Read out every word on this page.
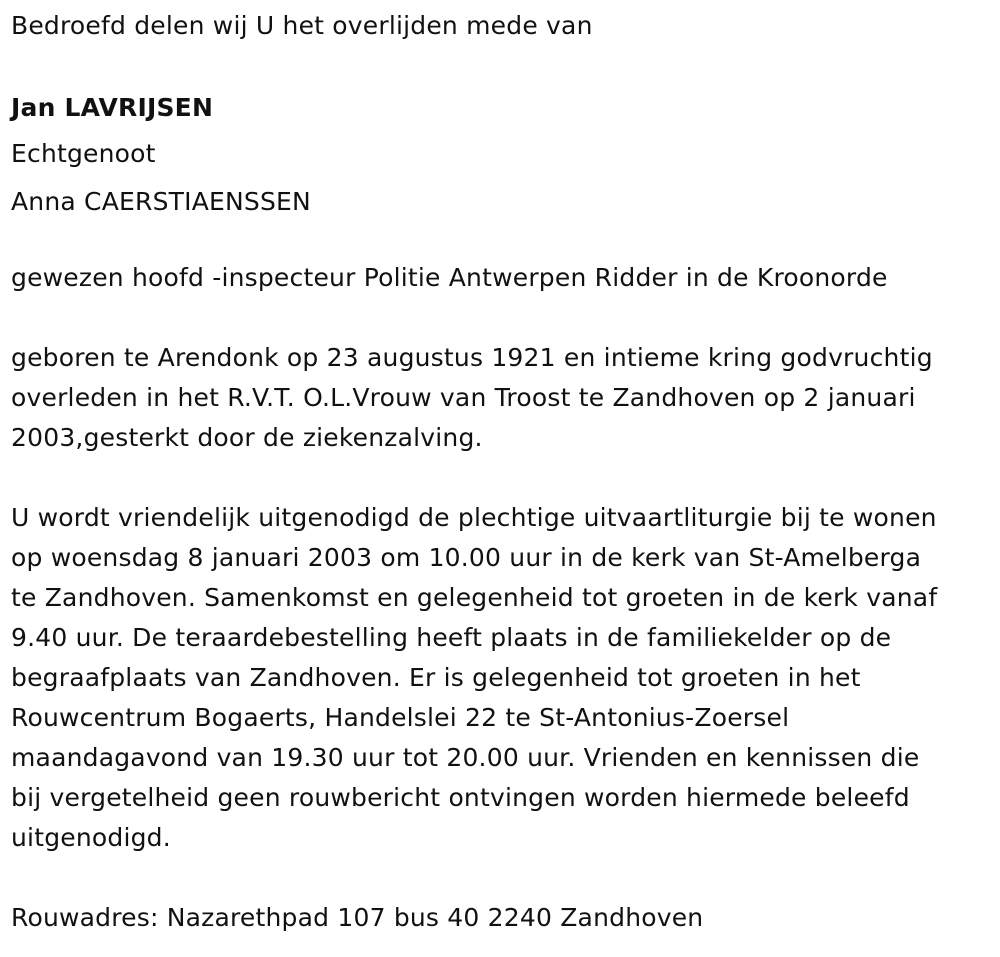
Bedroefd delen wij U het overlijden mede van
Jan LAVRIJSEN
Echtgenoot
Anna CAERSTIAENSSEN
gewezen hoofd -inspecteur Politie Antwerpen Ridder in de Kroonorde
geboren te Arendonk op 23 augustus 1921 en intieme kring godvruchtig
overleden in het R.V.T. O.L.Vrouw van Troost te Zandhoven op 2 januari
2003,gesterkt door de ziekenzalving.
U wordt vriendelijk uitgenodigd de plechtige uitvaartliturgie bij te wonen
op woensdag 8 januari 2003 om 10.00 uur in de kerk van St-Amelberga
te Zandhoven. Samenkomst en gelegenheid tot groeten in de kerk vanaf
9.40 uur. De teraardebestelling heeft plaats in de familiekelder op de
begraafplaats van Zandhoven. Er is gelegenheid tot groeten in het
Rouwcentrum Bogaerts, Handelslei 22 te St-Antonius-Zoersel
maandagavond van 19.30 uur tot 20.00 uur. Vrienden en kennissen die
bij vergetelheid geen rouwbericht ontvingen worden hiermede beleefd
uitgenodigd.
Rouwadres: Nazarethpad 107 bus 40 2240 Zandhoven
